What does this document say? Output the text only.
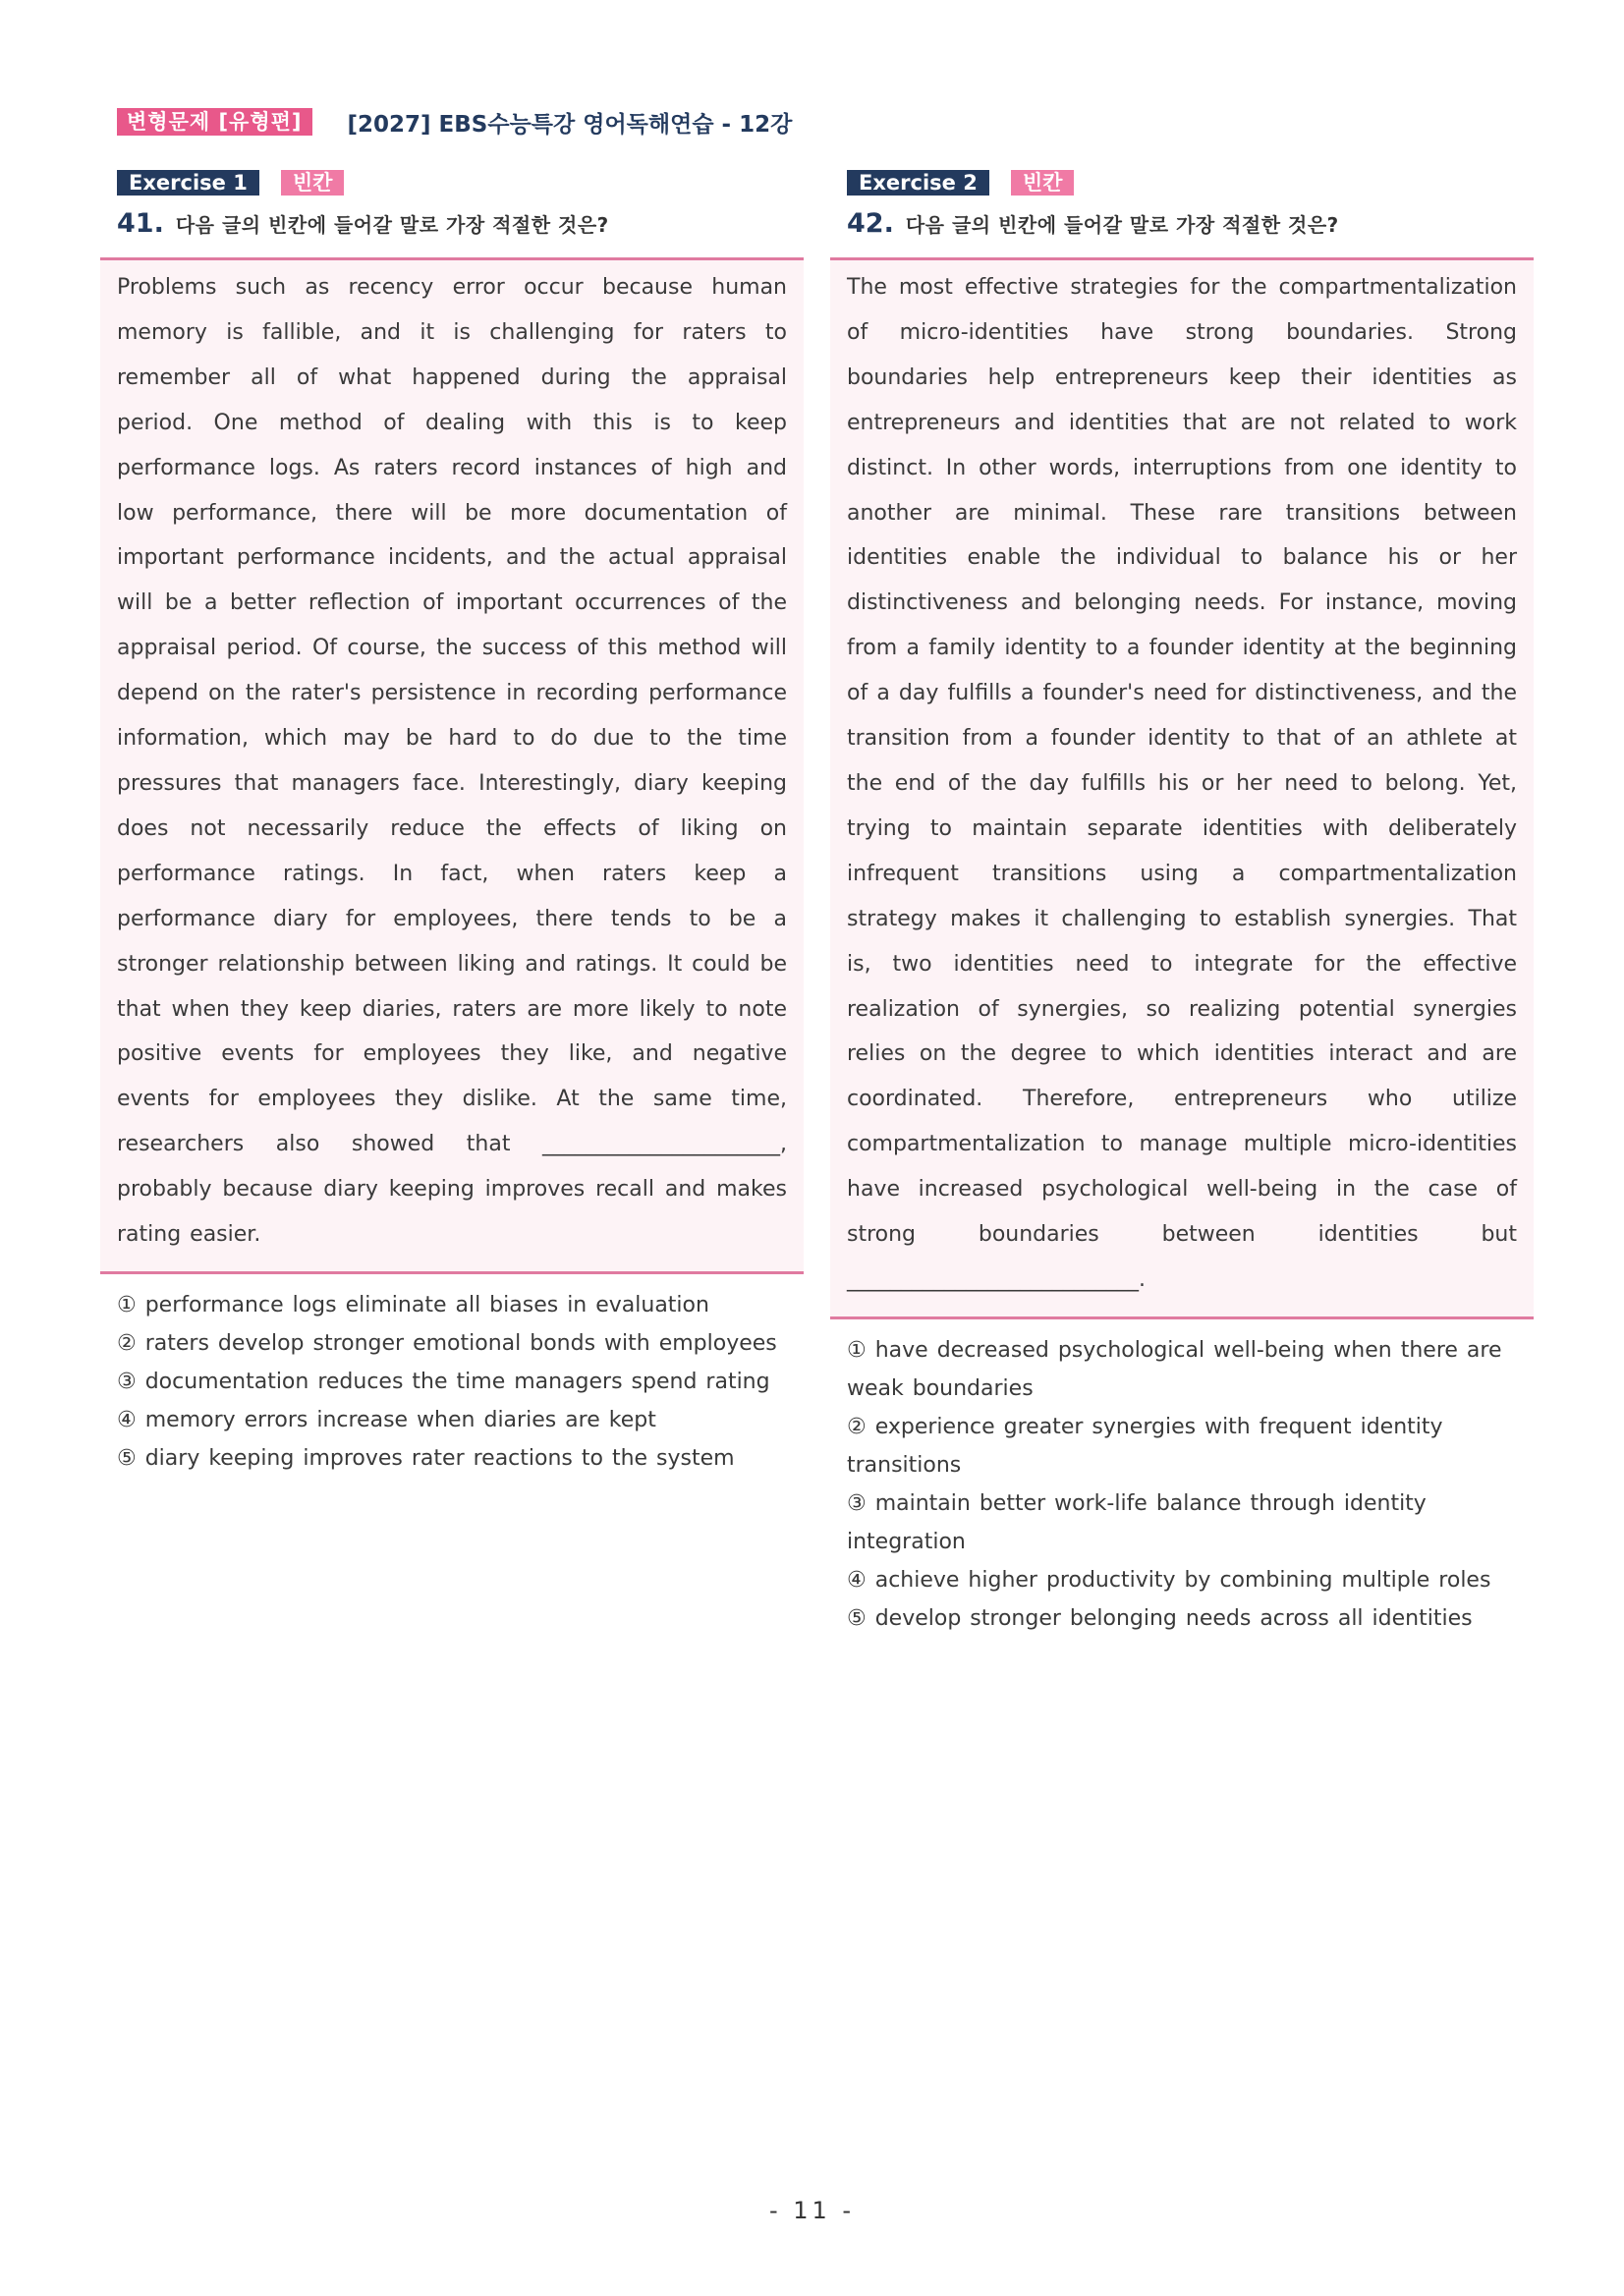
변형문제 [유형편]	[2027] EBS수능특강 영어독해연습 - 12강
Exercise 1	빈칸
41. 다음 글의 빈칸에 들어갈 말로 가장 적절한 것은?

Problems such as recency error occur because human memory is fallible, and it is challenging for raters to remember all of what happened during the appraisal period. One method of dealing with this is to keep performance logs. As raters record instances of high and low performance, there will be more documentation of important performance incidents, and the actual appraisal will be a better reflection of important occurrences of the appraisal period. Of course, the success of this method will depend on the rater's persistence in recording performance information, which may be hard to do due to the time pressures that managers face. Interestingly, diary keeping does not necessarily reduce the effects of liking on performance ratings. In fact, when raters keep a performance diary for employees, there tends to be a stronger relationship between liking and ratings. It could be that when they keep diaries, raters are more likely to note positive events for employees they like, and negative events for employees they dislike. At the same time, researchers also showed that ______________________, probably because diary keeping improves recall and makes rating easier.

① performance logs eliminate all biases in evaluation
② raters develop stronger emotional bonds with employees
③ documentation reduces the time managers spend rating
④ memory errors increase when diaries are kept
⑤ diary keeping improves rater reactions to the system
Exercise 2	빈칸
42. 다음 글의 빈칸에 들어갈 말로 가장 적절한 것은?

The most effective strategies for the compartmentalization of micro-identities have strong boundaries. Strong boundaries help entrepreneurs keep their identities as entrepreneurs and identities that are not related to work distinct. In other words, interruptions from one identity to another are minimal. These rare transitions between identities enable the individual to balance his or her distinctiveness and belonging needs. For instance, moving from a family identity to a founder identity at the beginning of a day fulfills a founder's need for distinctiveness, and the transition from a founder identity to that of an athlete at the end of the day fulfills his or her need to belong. Yet, trying to maintain separate identities with deliberately infrequent transitions using a compartmentalization strategy makes it challenging to establish synergies. That is, two identities need to integrate for the effective realization of synergies, so realizing potential synergies relies on the degree to which identities interact and are coordinated. Therefore, entrepreneurs who utilize compartmentalization to manage multiple micro-identities have increased psychological well-being in the case of strong boundaries between identities but ___________________________.

① have decreased psychological well-being when there are weak boundaries
② experience greater synergies with frequent identity transitions
③ maintain better work-life balance through identity integration
④ achieve higher productivity by combining multiple roles
⑤ develop stronger belonging needs across all identities
- 11 -
